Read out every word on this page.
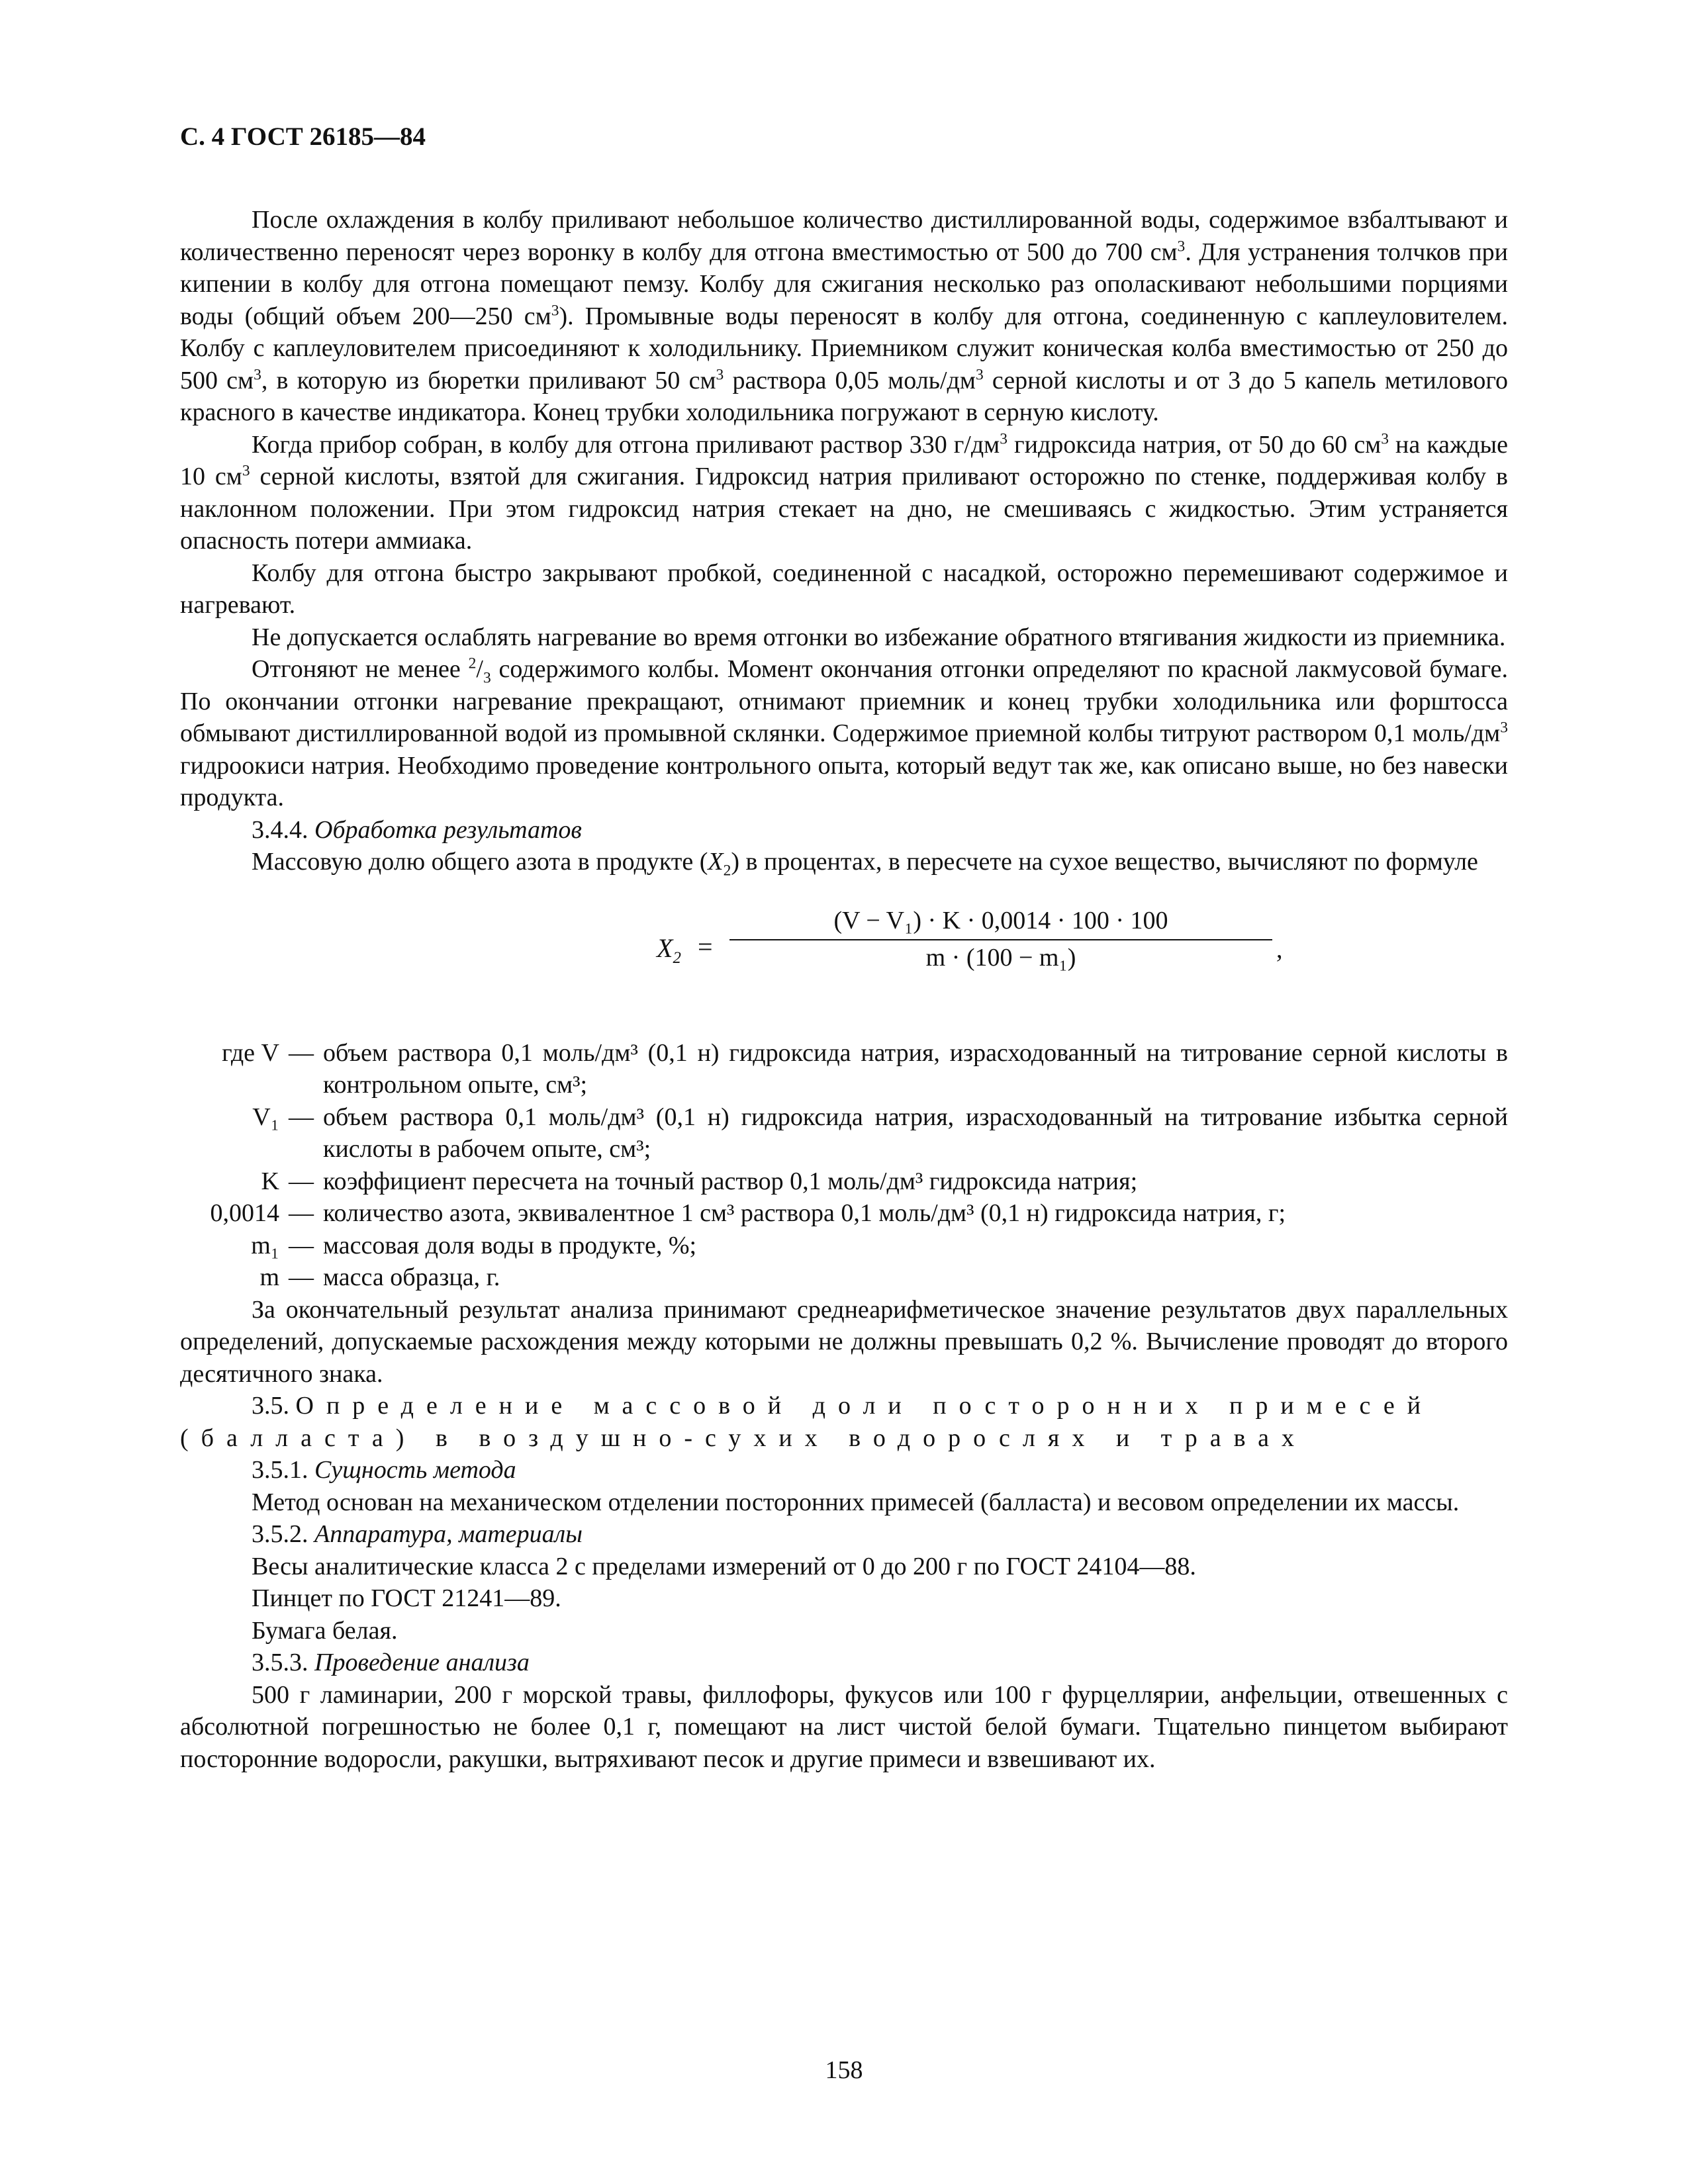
С. 4 ГОСТ 26185—84

После охлаждения в колбу приливают небольшое количество дистиллированной воды, содержимое взбалтывают и количественно переносят через воронку в колбу для отгона вместимостью от 500 до 700 $см^3$. Для устранения толчков при кипении в колбу для отгона помещают пемзу. Колбу для сжигания несколько раз ополаскивают небольшими порциями воды (общий объем 200—250 $см^3$). Промывные воды переносят в колбу для отгона, соединенную с каплеуловителем. Колбу с каплеуловителем присоединяют к холодильнику. Приемником служит коническая колба вместимостью от 250 до 500 $см^3$, в которую из бюретки приливают 50 $см^3$ раствора 0,05 моль/$дм^3$ серной кислоты и от 3 до 5 капель метилового красного в качестве индикатора. Конец трубки холодильника погружают в серную кислоту.

Когда прибор собран, в колбу для отгона приливают раствор 330 $г/дм^3$ гидроксида натрия, от 50 до 60 $см^3$ на каждые 10 $см^3$ серной кислоты, взятой для сжигания. Гидроксид натрия приливают осторожно по стенке, поддерживая колбу в наклонном положении. При этом гидроксид натрия стекает на дно, не смешиваясь с жидкостью. Этим устраняется опасность потери аммиака.

Колбу для отгона быстро закрывают пробкой, соединенной с насадкой, осторожно перемешивают содержимое и нагревают.

Не допускается ослаблять нагревание во время отгонки во избежание обратного втягивания жидкости из приемника.

Отгоняют не менее $^2/_3$ содержимого колбы. Момент окончания отгонки определяют по красной лакмусовой бумаге. По окончании отгонки нагревание прекращают, отнимают приемник и конец трубки холодильника или форштосса обмывают дистиллированной водой из промывной склянки. Содержимое приемной колбы титруют раствором 0,1 моль/$дм^3$ гидроокиси натрия. Необходимо проведение контрольного опыта, который ведут так же, как описано выше, но без навески продукта.

3.4.4. Обработка результатов

Массовую долю общего азота в продукте $(X_2)$ в процентах, в пересчете на сухое вещество, вычисляют по формуле

$X_2$ =
(V − V₁) · K · 0,0014 · 100 · 100
m · (100 − m₁)	,
где V — объем раствора 0,1 моль/дм³ (0,1 н) гидроксида натрия, израсходованный на титрование серной кислоты в контрольном опыте, см³;
V₁ — объем раствора 0,1 моль/дм³ (0,1 н) гидроксида натрия, израсходованный на титрование избытка серной кислоты в рабочем опыте, см³;
K — коэффициент пересчета на точный раствор 0,1 моль/дм³ гидроксида натрия;
0,0014 — количество азота, эквивалентное 1 см³ раствора 0,1 моль/дм³ (0,1 н) гидроксида натрия, г;
m₁ — массовая доля воды в продукте, %;
m — масса образца, г.

За окончательный результат анализа принимают среднеарифметическое значение результатов двух параллельных определений, допускаемые расхождения между которыми не должны превышать 0,2 %. Вычисление проводят до второго десятичного знака.

3.5. Определение массовой доли посторонних примесей (балласта) в воздушно-сухих водорослях и травах

3.5.1. Сущность метода

Метод основан на механическом отделении посторонних примесей (балласта) и весовом определении их массы.

3.5.2. Аппаратура, материалы

Весы аналитические класса 2 с пределами измерений от 0 до 200 г по ГОСТ 24104—88.

Пинцет по ГОСТ 21241—89.

Бумага белая.

3.5.3. Проведение анализа

500 г ламинарии, 200 г морской травы, филлофоры, фукусов или 100 г фурцеллярии, анфельции, отвешенных с абсолютной погрешностью не более 0,1 г, помещают на лист чистой белой бумаги. Тщательно пинцетом выбирают посторонние водоросли, ракушки, вытряхивают песок и другие примеси и взвешивают их.

158
